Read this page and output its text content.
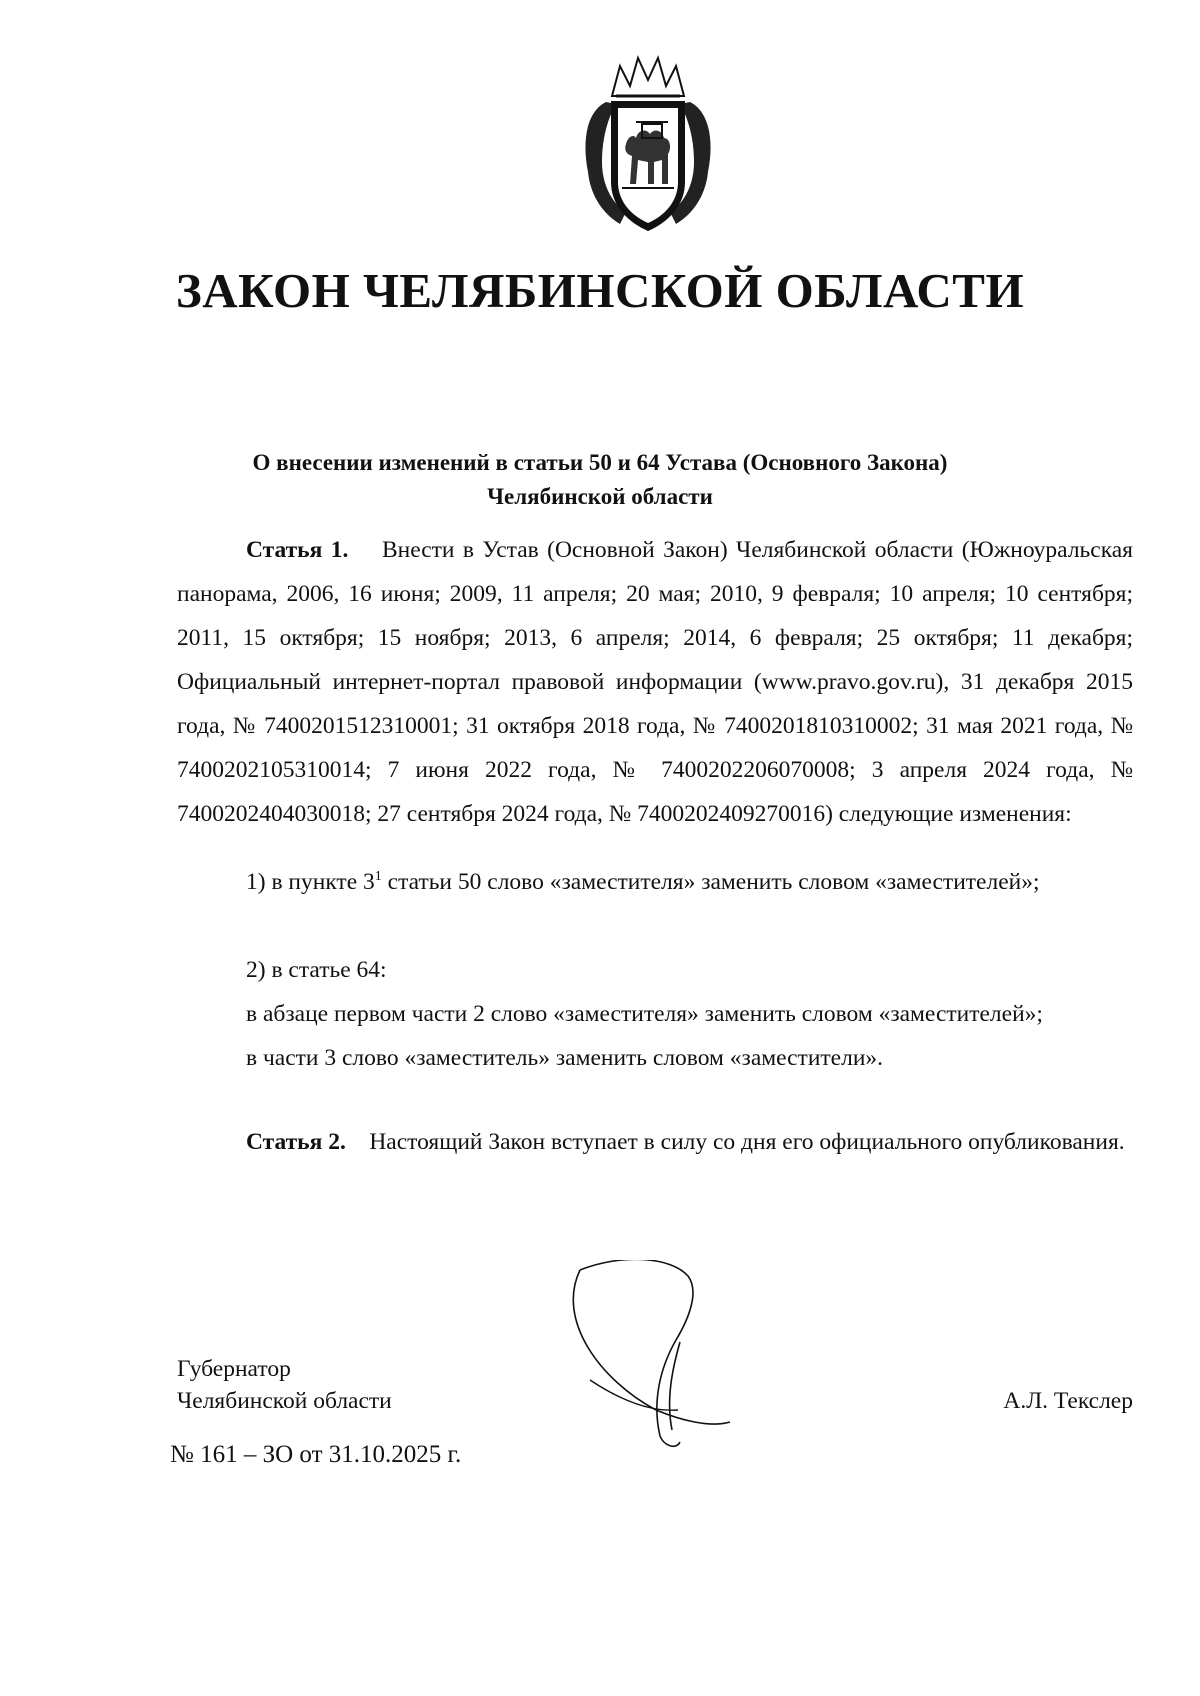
ЗАКОН ЧЕЛЯБИНСКОЙ ОБЛАСТИ
О внесении изменений в статьи 50 и 64 Устава (Основного Закона)
Челябинской области

Статья 1. Внести в Устав (Основной Закон) Челябинской области (Южноуральская панорама, 2006, 16 июня; 2009, 11 апреля; 20 мая; 2010, 9 февраля; 10 апреля; 10 сентября; 2011, 15 октября; 15 ноября; 2013, 6 апреля; 2014, 6 февраля; 25 октября; 11 декабря; Официальный интернет-портал правовой информации (www.pravo.gov.ru), 31 декабря 2015 года, № 7400201512310001; 31 октября 2018 года, № 7400201810310002; 31 мая 2021 года, № 7400202105310014; 7 июня 2022 года, № 7400202206070008; 3 апреля 2024 года, № 7400202404030018; 27 сентября 2024 года, № 7400202409270016) следующие изменения:

1) в пункте $3^1$ статьи 50 слово «заместителя» заменить словом «заместителей»;

2) в статье 64:
в абзаце первом части 2 слово «заместителя» заменить словом «заместителей»;
в части 3 слово «заместитель» заменить словом «заместители».

Статья 2. Настоящий Закон вступает в силу со дня его официального опубликования.

Губернатор
Челябинской области	А.Л. Текслер
№ 161 – ЗО от 31.10.2025 г.
